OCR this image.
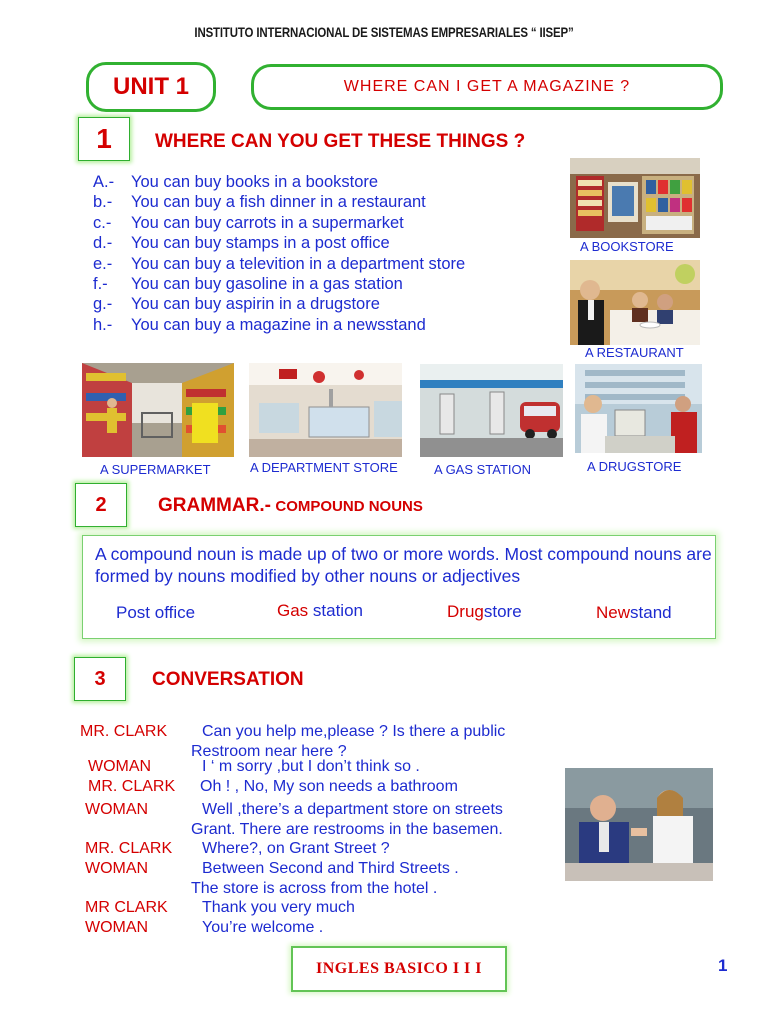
INSTITUTO INTERNACIONAL DE SISTEMAS EMPRESARIALES “ IISEP”
UNIT 1	WHERE CAN I GET A MAGAZINE ?
1 WHERE CAN YOU GET THESE THINGS ?
A.-	You can buy books in a bookstore
b.-	You can buy a fish dinner in a restaurant
c.-	You can buy carrots in a supermarket
d.-	You can buy stamps in a post office
e.-	You can buy a televition in a department store
f.-	You can buy gasoline in a gas station
g.-	You can buy aspirin in a drugstore
h.-	You can buy a magazine in a newsstand
A BOOKSTORE
A RESTAURANT
A SUPERMARKET	A DEPARTMENT STORE	A GAS STATION	A DRUGSTORE
2	GRAMMAR.- COMPOUND NOUNS
A compound noun is made up of two or more words. Most compound nouns are formed by nouns modified by other nouns or adjectives
Post office	Gas station	Drugstore	Newstand
3 CONVERSATION
MR. CLARK Can you help me,please ? Is there a public
Restroom near here ?
WOMAN	I ‘ m sorry ,but I don’t think so .
MR. CLARK Oh ! , No, My son needs a bathroom
WOMAN	Well ,there’s a department store on streets
Grant. There are restrooms in the basemen.
MR. CLARK Where?, on Grant Street ?
WOMAN	Between Second and Third Streets .
The store is across from the hotel .
MR CLARK Thank you very much
WOMAN	You’re welcome .
INGLES BASICO I I I	1
